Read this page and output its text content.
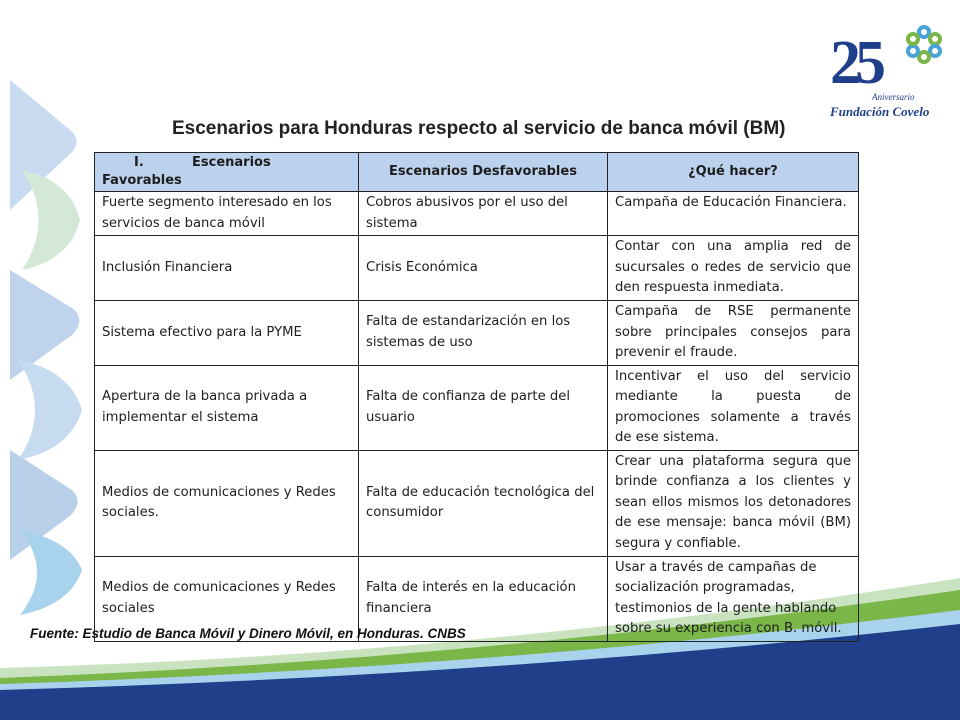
25
Aniversario
Fundación Covelo
Escenarios para Honduras respecto al servicio de banca móvil (BM)
I. Escenarios Favorables	Escenarios Desfavorables	¿Qué hacer?
Fuerte segmento interesado en los servicios de banca móvil	Cobros abusivos por el uso del sistema	Campaña de Educación Financiera.
Inclusión Financiera	Crisis Económica	Contar con una amplia red de sucursales o redes de servicio que den respuesta inmediata.
Sistema efectivo para la PYME	Falta de estandarización en los sistemas de uso	Campaña de RSE permanente sobre principales consejos para prevenir el fraude.
Apertura de la banca privada a implementar el sistema	Falta de confianza de parte del usuario	Incentivar el uso del servicio mediante la puesta de promociones solamente a través de ese sistema.
Medios de comunicaciones y Redes sociales.	Falta de educación tecnológica del consumidor	Crear una plataforma segura que brinde confianza a los clientes y sean ellos mismos los detonadores de ese mensaje: banca móvil (BM) segura y confiable.
Medios de comunicaciones y Redes sociales	Falta de interés en la educación financiera	Usar a través de campañas de socialización programadas, testimonios de la gente hablando sobre su experiencia con B. móvil.
Fuente: Estudio de Banca Móvil y Dinero Móvil, en Honduras. CNBS
